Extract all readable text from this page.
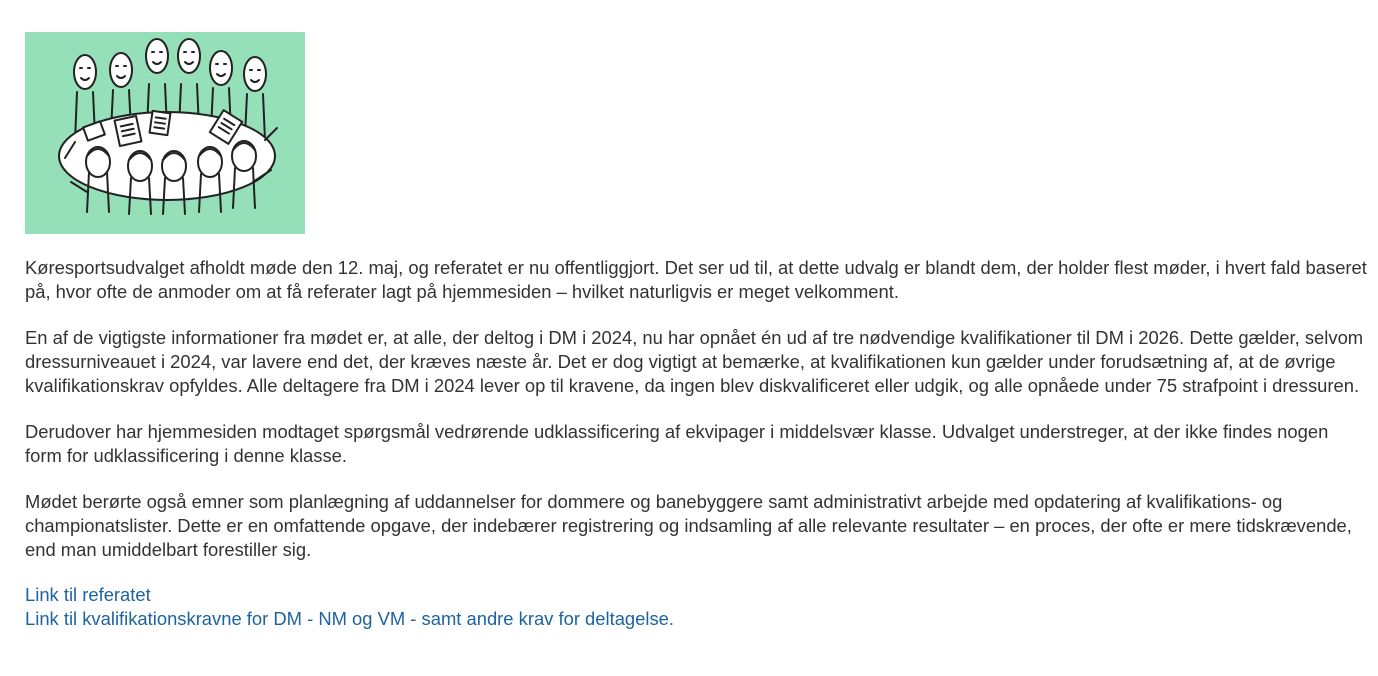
Køresportsudvalget afholdt møde den 12. maj, og referatet er nu offentliggjort. Det ser ud til, at dette udvalg er blandt dem, der holder flest møder, i hvert fald baseret på, hvor ofte de anmoder om at få referater lagt på hjemmesiden – hvilket naturligvis er meget velkomment.

En af de vigtigste informationer fra mødet er, at alle, der deltog i DM i 2024, nu har opnået én ud af tre nødvendige kvalifikationer til DM i 2026. Dette gælder, selvom dressurniveauet i 2024, var lavere end det, der kræves næste år. Det er dog vigtigt at bemærke, at kvalifikationen kun gælder under forudsætning af, at de øvrige kvalifikationskrav opfyldes. Alle deltagere fra DM i 2024 lever op til kravene, da ingen blev diskvalificeret eller udgik, og alle opnåede under 75 strafpoint i dressuren.

Derudover har hjemmesiden modtaget spørgsmål vedrørende udklassificering af ekvipager i middelsvær klasse. Udvalget understreger, at der ikke findes nogen form for udklassificering i denne klasse.

Mødet berørte også emner som planlægning af uddannelser for dommere og banebyggere samt administrativt arbejde med opdatering af kvalifikations- og championatslister. Dette er en omfattende opgave, der indebærer registrering og indsamling af alle relevante resultater – en proces, der ofte er mere tidskrævende, end man umiddelbart forestiller sig.

Link til referatet
Link til kvalifikationskravne for DM - NM og VM - samt andre krav for deltagelse.
